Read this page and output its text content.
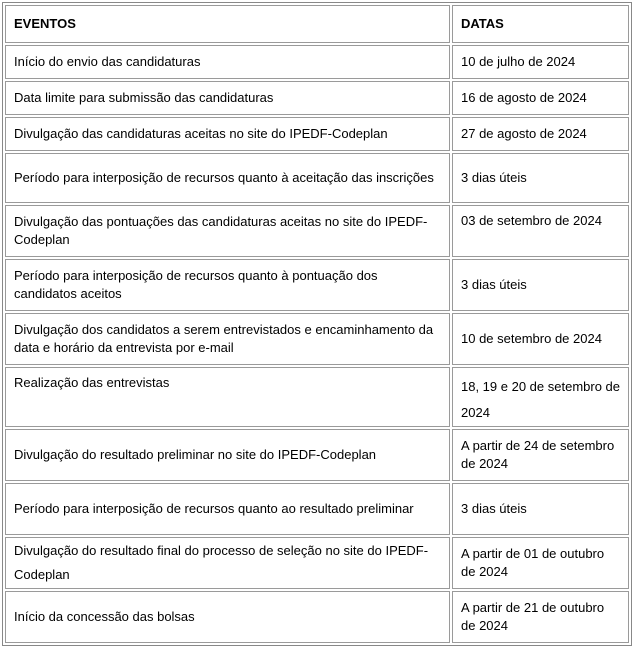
EVENTOS	DATAS
Início do envio das candidaturas	10 de julho de 2024
Data limite para submissão das candidaturas	16 de agosto de 2024
Divulgação das candidaturas aceitas no site do IPEDF-Codeplan	27 de agosto de 2024
Período para interposição de recursos quanto à aceitação das inscrições	3 dias úteis
Divulgação das pontuações das candidaturas aceitas no site do IPEDF-Codeplan	03 de setembro de 2024
Período para interposição de recursos quanto à pontuação dos candidatos aceitos	3 dias úteis
Divulgação dos candidatos a serem entrevistados e encaminhamento da data e horário da entrevista por e-mail	10 de setembro de 2024
Realização das entrevistas	18, 19 e 20 de setembro de 2024
Divulgação do resultado preliminar no site do IPEDF-Codeplan	A partir de 24 de setembro de 2024
Período para interposição de recursos quanto ao resultado preliminar	3 dias úteis
Divulgação do resultado final do processo de seleção no site do IPEDF-Codeplan	A partir de 01 de outubro de 2024
Início da concessão das bolsas	A partir de 21 de outubro de 2024
